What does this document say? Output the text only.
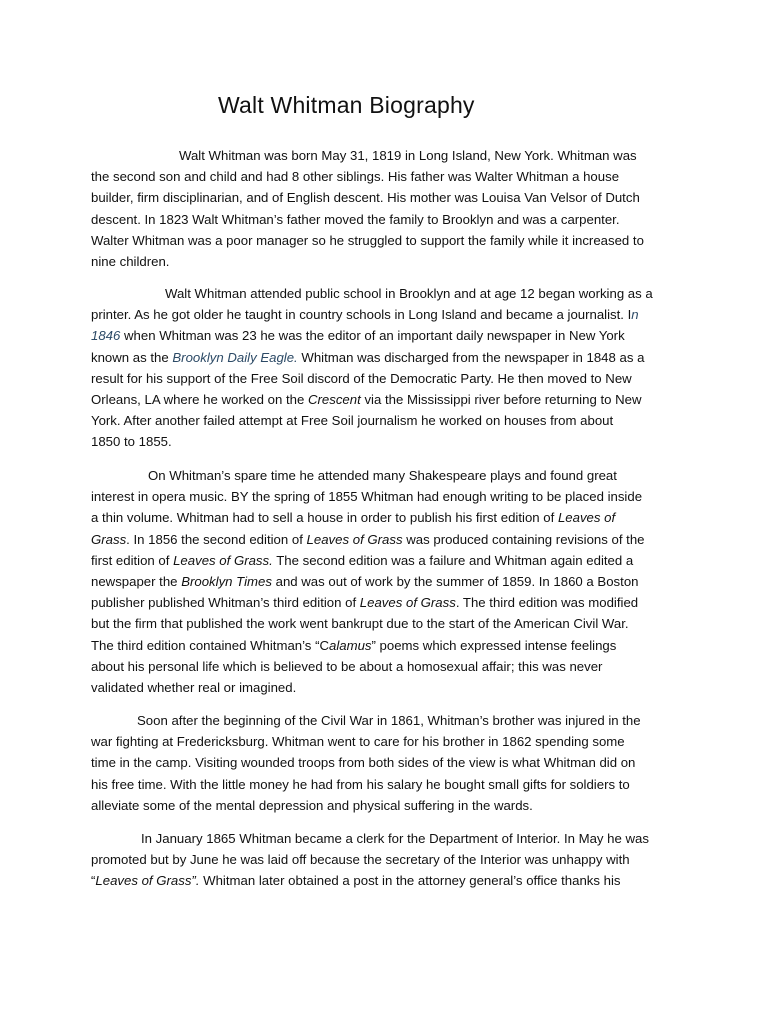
Walt Whitman Biography
Walt Whitman was born May 31, 1819 in Long Island, New York. Whitman was
the second son and child and had 8 other siblings. His father was Walter Whitman a house
builder, firm disciplinarian, and of English descent. His mother was Louisa Van Velsor of Dutch
descent. In 1823 Walt Whitman’s father moved the family to Brooklyn and was a carpenter.
Walter Whitman was a poor manager so he struggled to support the family while it increased to
nine children.
Walt Whitman attended public school in Brooklyn and at age 12 began working as a
printer. As he got older he taught in country schools in Long Island and became a journalist. In
1846 when Whitman was 23 he was the editor of an important daily newspaper in New York
known as the Brooklyn Daily Eagle. Whitman was discharged from the newspaper in 1848 as a
result for his support of the Free Soil discord of the Democratic Party. He then moved to New
Orleans, LA where he worked on the Crescent via the Mississippi river before returning to New
York. After another failed attempt at Free Soil journalism he worked on houses from about
1850 to 1855.
On Whitman’s spare time he attended many Shakespeare plays and found great
interest in opera music. BY the spring of 1855 Whitman had enough writing to be placed inside
a thin volume. Whitman had to sell a house in order to publish his first edition of Leaves of
Grass. In 1856 the second edition of Leaves of Grass was produced containing revisions of the
first edition of Leaves of Grass. The second edition was a failure and Whitman again edited a
newspaper the Brooklyn Times and was out of work by the summer of 1859. In 1860 a Boston
publisher published Whitman’s third edition of Leaves of Grass. The third edition was modified
but the firm that published the work went bankrupt due to the start of the American Civil War.
The third edition contained Whitman’s “Calamus” poems which expressed intense feelings
about his personal life which is believed to be about a homosexual affair; this was never
validated whether real or imagined.
Soon after the beginning of the Civil War in 1861, Whitman’s brother was injured in the
war fighting at Fredericksburg. Whitman went to care for his brother in 1862 spending some
time in the camp. Visiting wounded troops from both sides of the view is what Whitman did on
his free time. With the little money he had from his salary he bought small gifts for soldiers to
alleviate some of the mental depression and physical suffering in the wards.
In January 1865 Whitman became a clerk for the Department of Interior. In May he was
promoted but by June he was laid off because the secretary of the Interior was unhappy with
“Leaves of Grass”. Whitman later obtained a post in the attorney general’s office thanks his
